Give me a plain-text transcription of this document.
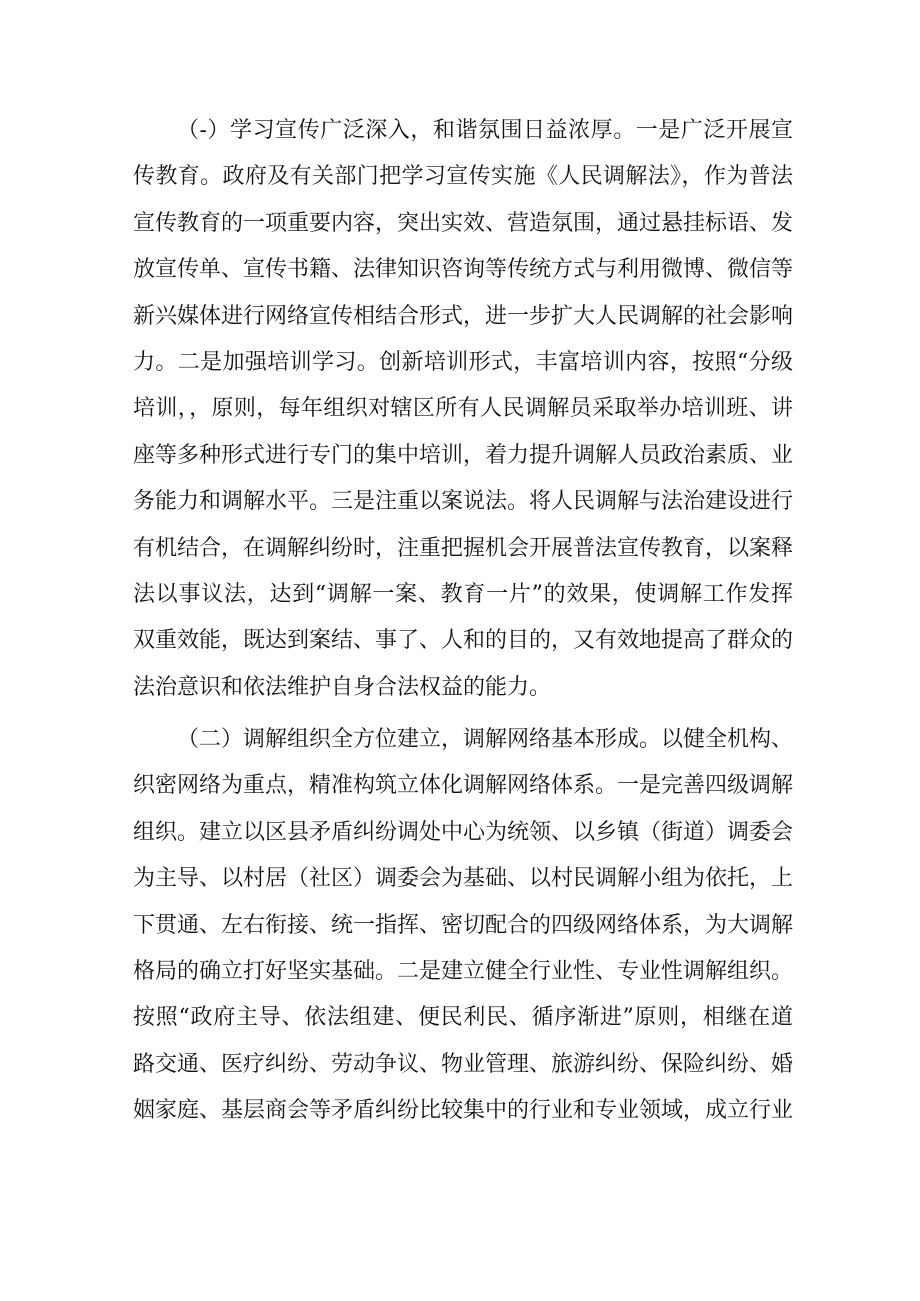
（-）学习宣传广泛深入，和谐氛围日益浓厚。一是广泛开展宣
传教育。政府及有关部门把学习宣传实施《人民调解法》，作为普法
宣传教育的一项重要内容，突出实效、营造氛围，通过悬挂标语、发
放宣传单、宣传书籍、法律知识咨询等传统方式与利用微博、微信等
新兴媒体进行网络宣传相结合形式，进一步扩大人民调解的社会影响
力。二是加强培训学习。创新培训形式，丰富培训内容，按照“分级
培训，，原则，每年组织对辖区所有人民调解员采取举办培训班、讲
座等多种形式进行专门的集中培训，着力提升调解人员政治素质、业
务能力和调解水平。三是注重以案说法。将人民调解与法治建设进行
有机结合，在调解纠纷时，注重把握机会开展普法宣传教育，以案释
法以事议法，达到“调解一案、教育一片”的效果，使调解工作发挥
双重效能，既达到案结、事了、人和的目的，又有效地提高了群众的
法治意识和依法维护自身合法权益的能力。
（二）调解组织全方位建立，调解网络基本形成。以健全机构、
织密网络为重点，精准构筑立体化调解网络体系。一是完善四级调解
组织。建立以区县矛盾纠纷调处中心为统领、以乡镇（街道）调委会
为主导、以村居（社区）调委会为基础、以村民调解小组为依托，上
下贯通、左右衔接、统一指挥、密切配合的四级网络体系，为大调解
格局的确立打好坚实基础。二是建立健全行业性、专业性调解组织。
按照“政府主导、依法组建、便民利民、循序渐进”原则，相继在道
路交通、医疗纠纷、劳动争议、物业管理、旅游纠纷、保险纠纷、婚
姻家庭、基层商会等矛盾纠纷比较集中的行业和专业领域，成立行业
